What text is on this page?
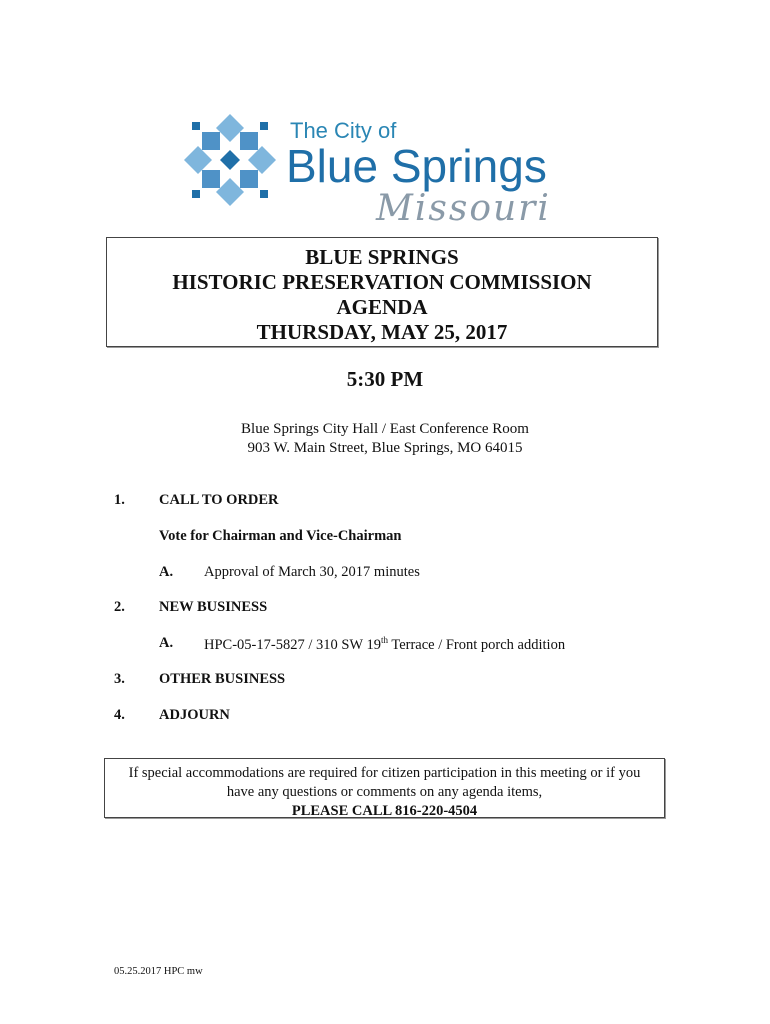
The City of
Blue Springs
Missouri
BLUE SPRINGS
HISTORIC PRESERVATION COMMISSION
AGENDA
THURSDAY, MAY 25, 2017
5:30 PM
Blue Springs City Hall / East Conference Room
903 W. Main Street, Blue Springs, MO 64015
1. CALL TO ORDER
Vote for Chairman and Vice-Chairman
A. Approval of March 30, 2017 minutes
2. NEW BUSINESS
A. HPC-05-17-5827 / 310 SW 19th Terrace / Front porch addition
3. OTHER BUSINESS
4. ADJOURN
If special accommodations are required for citizen participation in this meeting or if you
have any questions or comments on any agenda items,
PLEASE CALL 816-220-4504
05.25.2017 HPC mw
